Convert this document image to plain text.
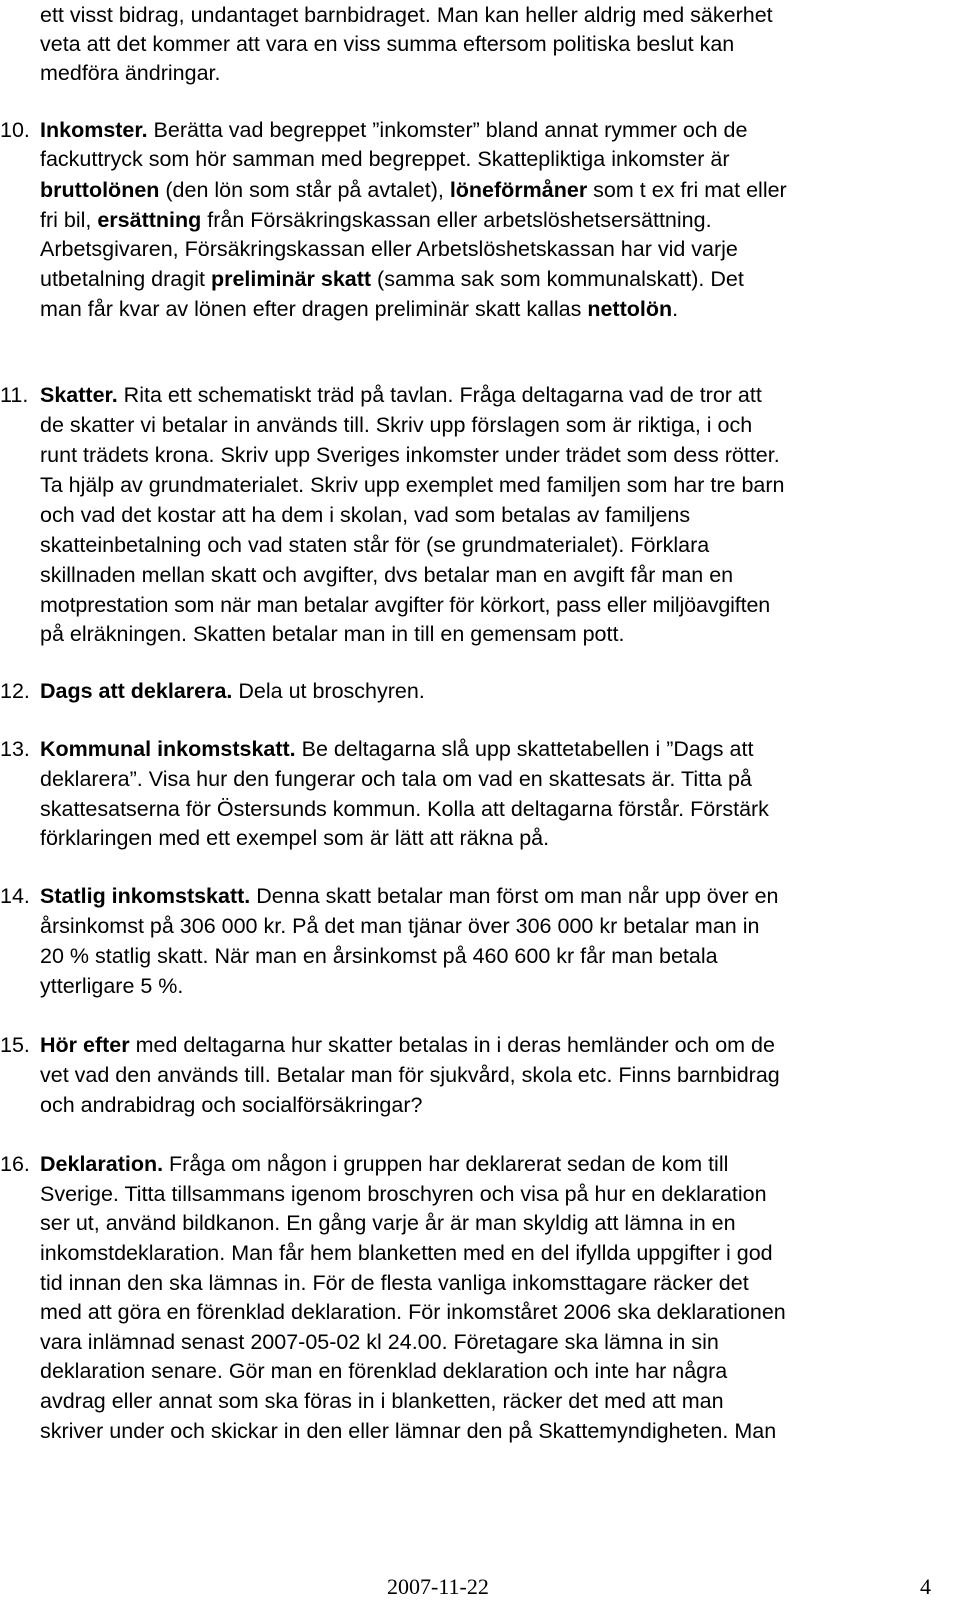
ett visst bidrag, undantaget barnbidraget. Man kan heller aldrig med säkerhet
veta att det kommer att vara en viss summa eftersom politiska beslut kan
medföra ändringar.
10. Inkomster. Berätta vad begreppet ”inkomster” bland annat rymmer och de
fackuttryck som hör samman med begreppet. Skattepliktiga inkomster är
bruttolönen (den lön som står på avtalet), löneförmåner som t ex fri mat eller
fri bil, ersättning från Försäkringskassan eller arbetslöshetsersättning.
Arbetsgivaren, Försäkringskassan eller Arbetslöshetskassan har vid varje
utbetalning dragit preliminär skatt (samma sak som kommunalskatt). Det
man får kvar av lönen efter dragen preliminär skatt kallas nettolön.
11. Skatter. Rita ett schematiskt träd på tavlan. Fråga deltagarna vad de tror att
de skatter vi betalar in används till. Skriv upp förslagen som är riktiga, i och
runt trädets krona. Skriv upp Sveriges inkomster under trädet som dess rötter.
Ta hjälp av grundmaterialet. Skriv upp exemplet med familjen som har tre barn
och vad det kostar att ha dem i skolan, vad som betalas av familjens
skatteinbetalning och vad staten står för (se grundmaterialet). Förklara
skillnaden mellan skatt och avgifter, dvs betalar man en avgift får man en
motprestation som när man betalar avgifter för körkort, pass eller miljöavgiften
på elräkningen. Skatten betalar man in till en gemensam pott.
12. Dags att deklarera. Dela ut broschyren.
13. Kommunal inkomstskatt. Be deltagarna slå upp skattetabellen i ”Dags att
deklarera”. Visa hur den fungerar och tala om vad en skattesats är. Titta på
skattesatserna för Östersunds kommun. Kolla att deltagarna förstår. Förstärk
förklaringen med ett exempel som är lätt att räkna på.
14. Statlig inkomstskatt. Denna skatt betalar man först om man når upp över en
årsinkomst på 306 000 kr. På det man tjänar över 306 000 kr betalar man in
20 % statlig skatt. När man en årsinkomst på 460 600 kr får man betala
ytterligare 5 %.
15. Hör efter med deltagarna hur skatter betalas in i deras hemländer och om de
vet vad den används till. Betalar man för sjukvård, skola etc. Finns barnbidrag
och andrabidrag och socialförsäkringar?
16. Deklaration. Fråga om någon i gruppen har deklarerat sedan de kom till
Sverige. Titta tillsammans igenom broschyren och visa på hur en deklaration
ser ut, använd bildkanon. En gång varje år är man skyldig att lämna in en
inkomstdeklaration. Man får hem blanketten med en del ifyllda uppgifter i god
tid innan den ska lämnas in. För de flesta vanliga inkomsttagare räcker det
med att göra en förenklad deklaration. För inkomståret 2006 ska deklarationen
vara inlämnad senast 2007-05-02 kl 24.00. Företagare ska lämna in sin
deklaration senare. Gör man en förenklad deklaration och inte har några
avdrag eller annat som ska föras in i blanketten, räcker det med att man
skriver under och skickar in den eller lämnar den på Skattemyndigheten. Man
2007-11-22	4
